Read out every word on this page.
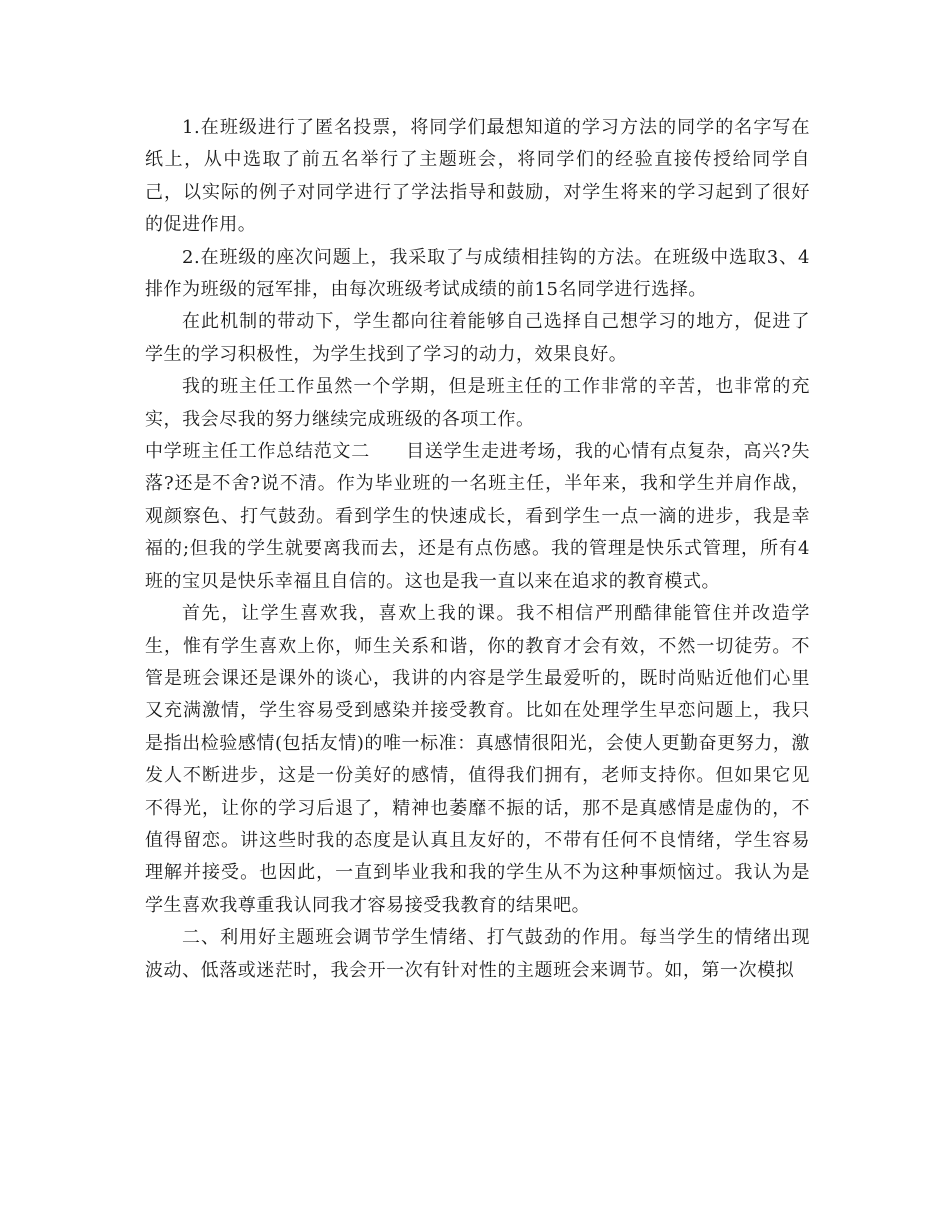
1.在班级进行了匿名投票，将同学们最想知道的学习方法的同学的名字写在纸上，从中选取了前五名举行了主题班会，将同学们的经验直接传授给同学自己，以实际的例子对同学进行了学法指导和鼓励，对学生将来的学习起到了很好的促进作用。

2.在班级的座次问题上，我采取了与成绩相挂钩的方法。在班级中选取3、4排作为班级的冠军排，由每次班级考试成绩的前15名同学进行选择。

在此机制的带动下，学生都向往着能够自己选择自己想学习的地方，促进了学生的学习积极性，为学生找到了学习的动力，效果良好。

我的班主任工作虽然一个学期，但是班主任的工作非常的辛苦，也非常的充实，我会尽我的努力继续完成班级的各项工作。

中学班主任工作总结范文二 目送学生走进考场，我的心情有点复杂，高兴?失落?还是不舍?说不清。作为毕业班的一名班主任，半年来，我和学生并肩作战，观颜察色、打气鼓劲。看到学生的快速成长，看到学生一点一滴的进步，我是幸福的;但我的学生就要离我而去，还是有点伤感。我的管理是快乐式管理，所有4班的宝贝是快乐幸福且自信的。这也是我一直以来在追求的教育模式。

首先，让学生喜欢我，喜欢上我的课。我不相信严刑酷律能管住并改造学生，惟有学生喜欢上你，师生关系和谐，你的教育才会有效，不然一切徒劳。不管是班会课还是课外的谈心，我讲的内容是学生最爱听的，既时尚贴近他们心里又充满激情，学生容易受到感染并接受教育。比如在处理学生早恋问题上，我只是指出检验感情(包括友情)的唯一标准：真感情很阳光，会使人更勤奋更努力，激发人不断进步，这是一份美好的感情，值得我们拥有，老师支持你。但如果它见不得光，让你的学习后退了，精神也萎靡不振的话，那不是真感情是虚伪的，不值得留恋。讲这些时我的态度是认真且友好的，不带有任何不良情绪，学生容易理解并接受。也因此，一直到毕业我和我的学生从不为这种事烦恼过。我认为是学生喜欢我尊重我认同我才容易接受我教育的结果吧。

二、利用好主题班会调节学生情绪、打气鼓劲的作用。每当学生的情绪出现波动、低落或迷茫时，我会开一次有针对性的主题班会来调节。如，第一次模拟
